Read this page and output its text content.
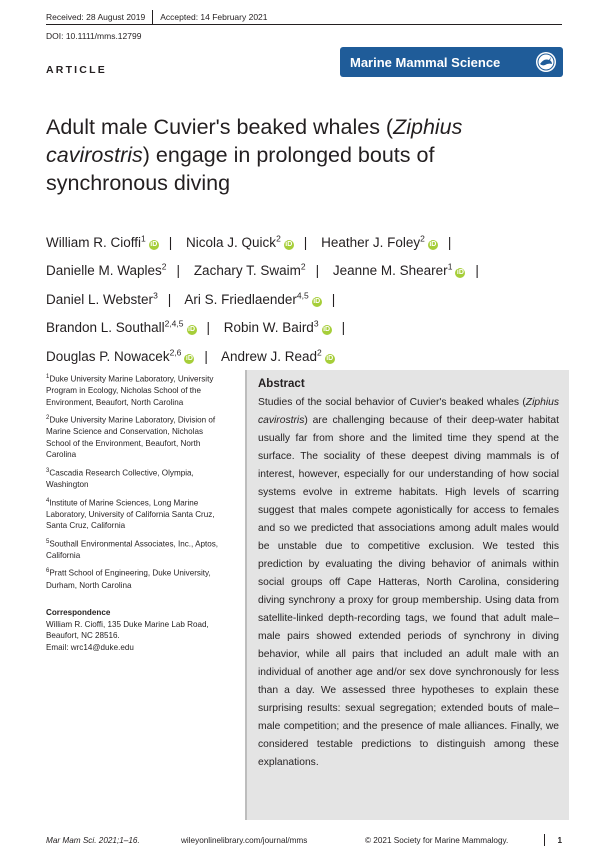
Received: 28 August 2019 Accepted: 14 February 2021
DOI: 10.1111/mms.12799
ARTICLE
Marine Mammal Science
Adult male Cuvier's beaked whales (Ziphius cavirostris) engage in prolonged bouts of synchronous diving
William R. Cioffi$^1$iD | Nicola J. Quick$^2$iD | Heather J. Foley$^2$iD |
Danielle M. Waples$^2$ | Zachary T. Swaim$^2$ | Jeanne M. Shearer$^1$iD |
Daniel L. Webster$^3$ | Ari S. Friedlaender$^{4,5}$iD |
Brandon L. Southall$^{2,4,5}$iD | Robin W. Baird$^3$iD |
Douglas P. Nowacek$^{2,6}$iD | Andrew J. Read$^2$iD
$^1$Duke University Marine Laboratory, University Program in Ecology, Nicholas School of the Environment, Beaufort, North Carolina
$^2$Duke University Marine Laboratory, Division of Marine Science and Conservation, Nicholas School of the Environment, Beaufort, North Carolina
$^3$Cascadia Research Collective, Olympia, Washington
$^4$Institute of Marine Sciences, Long Marine Laboratory, University of California Santa Cruz, Santa Cruz, California
$^5$Southall Environmental Associates, Inc., Aptos, California
$^6$Pratt School of Engineering, Duke University, Durham, North Carolina
Correspondence
William R. Cioffi, 135 Duke Marine Lab Road, Beaufort, NC 28516.
Email: wrc14@duke.edu
Abstract

Studies of the social behavior of Cuvier's beaked whales (Ziphius cavirostris) are challenging because of their deep-water habitat usually far from shore and the limited time they spend at the surface. The sociality of these deepest diving mammals is of interest, however, especially for our understanding of how social systems evolve in extreme habitats. High levels of scarring suggest that males compete agonistically for access to females and so we predicted that associations among adult males would be unstable due to competitive exclusion. We tested this prediction by evaluating the diving behavior of animals within social groups off Cape Hatteras, North Carolina, considering diving synchrony a proxy for group membership. Using data from satellite-linked depth-recording tags, we found that adult male–male pairs showed extended periods of synchrony in diving behavior, while all pairs that included an adult male with an individual of another age and/or sex dove synchronously for less than a day. We assessed three hypotheses to explain these surprising results: sexual segregation; extended bouts of male–male competition; and the presence of male alliances. Finally, we considered testable predictions to distinguish among these explanations.

Mar Mam Sci. 2021;1–16.	wileyonlinelibrary.com/journal/mms	© 2021 Society for Marine Mammalogy.	1
